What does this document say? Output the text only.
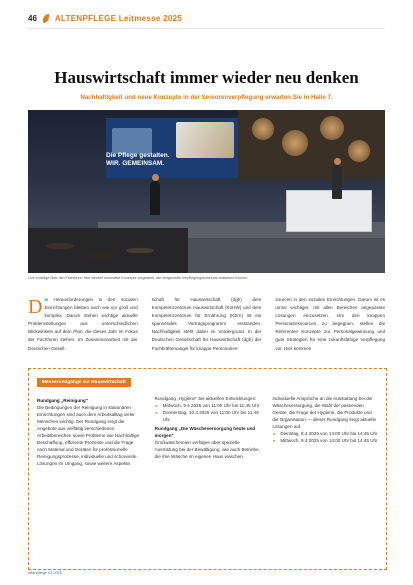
46 ALTENPFLEGE Leitmesse 2025
Hauswirtschaft immer wieder neu denken
Nachhaltigkeit und neue Konzepte in der Seniorenverpflegung erwarten Sie in Halle 7.
Die Pflege gestalten.
WIR. GEMEINSAM.
Live-Vorträge über den Fachforen: Hier werden innovative Konzepte vorgestellt, wie zeitgemäße Verpflegungskonzepte aussehen können.
D ie Herausforderungen in den sozialen Einrichtungen bleiben nach wie vor groß und komplex. Darum stehen wichtige aktuelle Problemstellungen aus unterschiedlichen Blickwinkeln auf dem Plan, die dieses Jahr im Fokus der Fachforen stehen. Im Zusammenarbeit mit der Deutschen Gesell-
schaft für Hauswirtschaft (dgh) dem Kompetenzzentrum Hauswirtschaft (KoHW) und dem Kompetenzzentrum für Ernährung (KErn) ist ein spannendes Vortragsprogramm entstanden. Nachhaltigkeit steht dabei im Vordergrund. In der Deutschen Gesellschaft für Hauswirtschaft (dgh) der Fachkräftemangel für knappe Personalres-
sourcen in den sozialen Einrichtungen. Darum ist es umso wichtiger, mit allen Bereichen angepasste Lösungen einzusetzen. Um den knappen Personalressourcen zu begegnen, stellen die Referenten Konzepte zur Personalgewinnung und gute Strategien für eine zukunftsfähige Verpflegung vor. Hier kommen
Messerundgänge zur Hauswirtschaft
Rundgang „Reinigung"
Die Bedingungen der Reinigung in stationären Einrichtungen sind auch dem Arbeitsalltag vieler Menschen wichtig. Der Rundgang zeigt die Angebote aus vielfältig verschiedenen Arbeitsbereichen sowie Probleme wie Nachhaltige Beschaffung, effiziente Prozesse und die Frage nach Material und Geräten für professionelle Reinigungsprozesse, individuelle und schonende Lösungen im Umgang, sowie weitere Aspekte.
Rundgang „Hygiene" bei aktuellen Entwicklungen:
▸ Mittwoch, 9.4.2025 von 11:00 Uhr bis 11:45 Uhr
▸ Donnerstag, 10.4.2025 von 11:00 Uhr bis 11:45 Uhr
Rundgang „Die Wäscheversorgung heute und morgen"
Großwäschereien verfügen über spezielle Ausrüstung bei der Bewältigung, wie auch Betriebe, die ihre Wäsche im eigenen Haus waschen.
Individuelle Ansprüche an die Ausstattung bei der Wäscheversorgung, die Wahl der passenden Geräte, die Frage der Hygiene, die Produkte und die Organisation — dieser Rundgang zeigt aktuelle Lösungen auf.
▸ Dienstag, 8.4.2025 von 14:00 Uhr bis 14:45 Uhr
▸ Mittwoch, 9.4.2025 von 14:00 Uhr bis 14:45 Uhr
Altenpflege 03.2025
